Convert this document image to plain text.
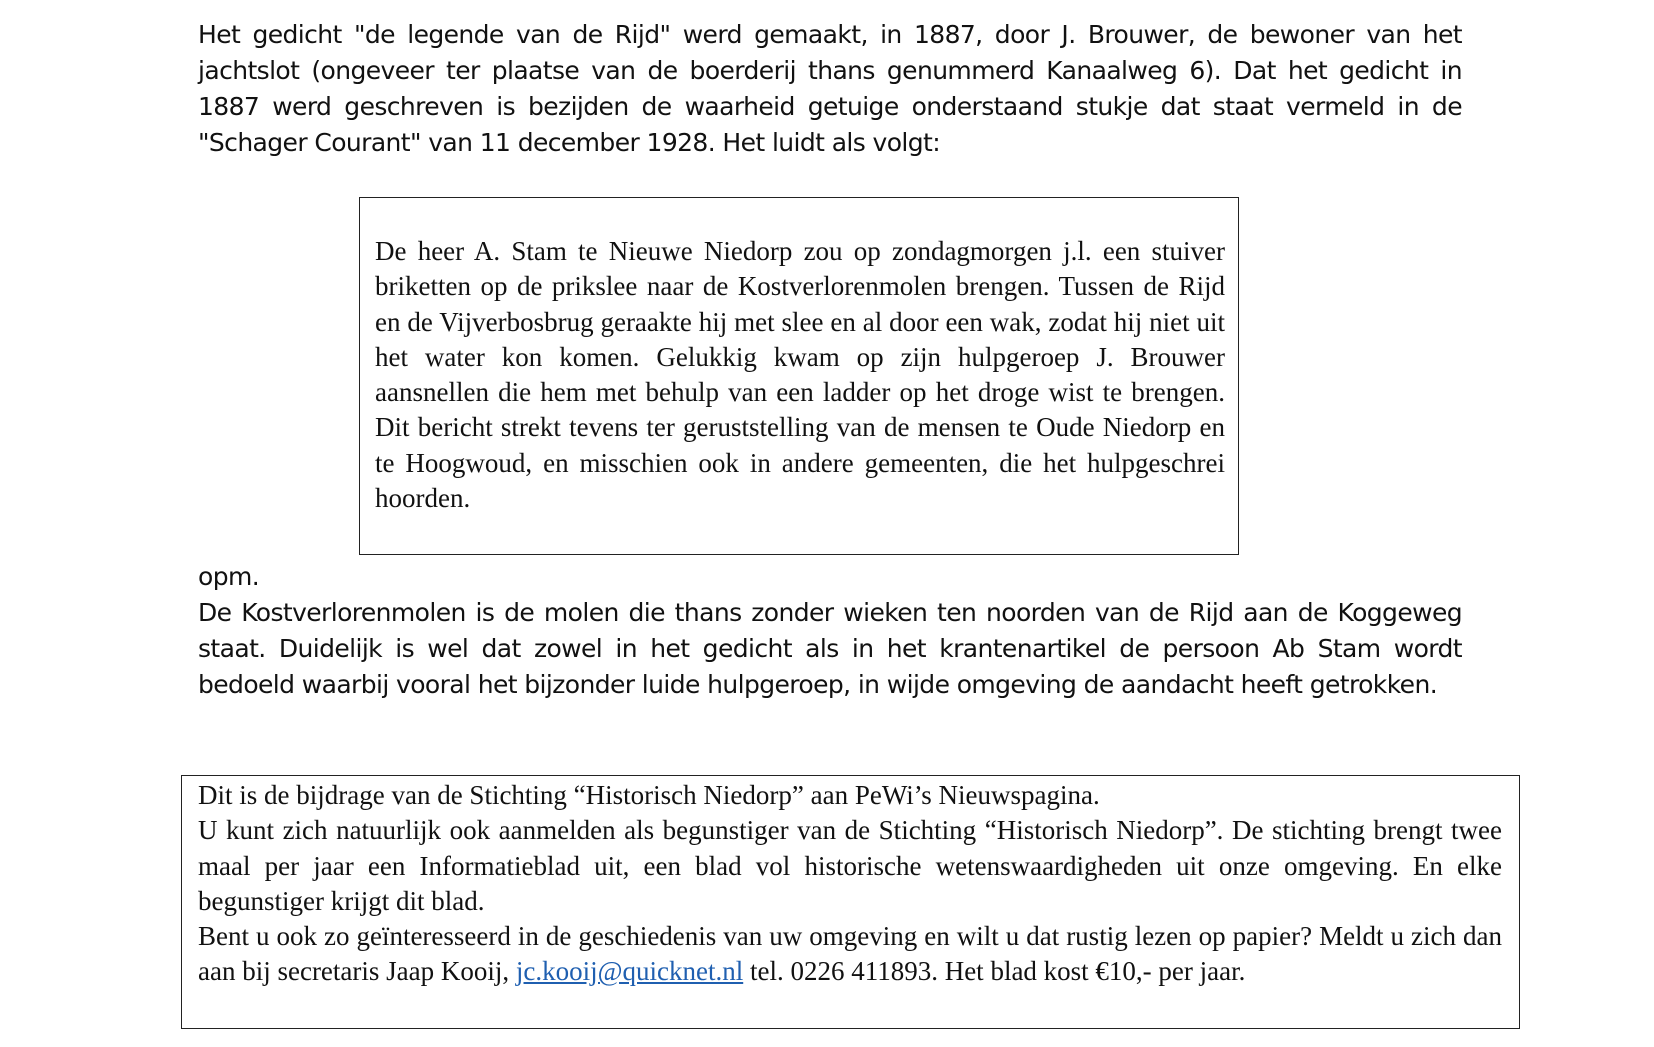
Het gedicht "de legende van de Rijd" werd gemaakt, in 1887, door J. Brouwer, de bewoner van het jachtslot (ongeveer ter plaatse van de boerderij thans genummerd Kanaalweg 6). Dat het gedicht in 1887 werd geschreven is bezijden de waarheid getuige onderstaand stukje dat staat vermeld in de "Schager Courant" van 11 december 1928. Het luidt als volgt:

De heer A. Stam te Nieuwe Niedorp zou op zondagmorgen j.l. een stuiver briketten op de prikslee naar de Kostverlorenmolen brengen. Tussen de Rijd en de Vijverbosbrug geraakte hij met slee en al door een wak, zodat hij niet uit het water kon komen. Gelukkig kwam op zijn hulpgeroep J. Brouwer aansnellen die hem met behulp van een ladder op het droge wist te brengen. Dit bericht strekt tevens ter geruststelling van de mensen te Oude Niedorp en te Hoogwoud, en misschien ook in andere gemeenten, die het hulpgeschrei hoorden.

opm.

De Kostverlorenmolen is de molen die thans zonder wieken ten noorden van de Rijd aan de Koggeweg staat. Duidelijk is wel dat zowel in het gedicht als in het krantenartikel de persoon Ab Stam wordt bedoeld waarbij vooral het bijzonder luide hulpgeroep, in wijde omgeving de aandacht heeft getrokken.

Dit is de bijdrage van de Stichting “Historisch Niedorp” aan PeWi’s Nieuwspagina.
U kunt zich natuurlijk ook aanmelden als begunstiger van de Stichting “Historisch Niedorp”. De stichting brengt twee maal per jaar een Informatieblad uit, een blad vol historische wetenswaardigheden uit onze omgeving. En elke begunstiger krijgt dit blad.
Bent u ook zo geïnteresseerd in de geschiedenis van uw omgeving en wilt u dat rustig lezen op papier? Meldt u zich dan aan bij secretaris Jaap Kooij, jc.kooij@quicknet.nl tel. 0226 411893. Het blad kost €10,- per jaar.
